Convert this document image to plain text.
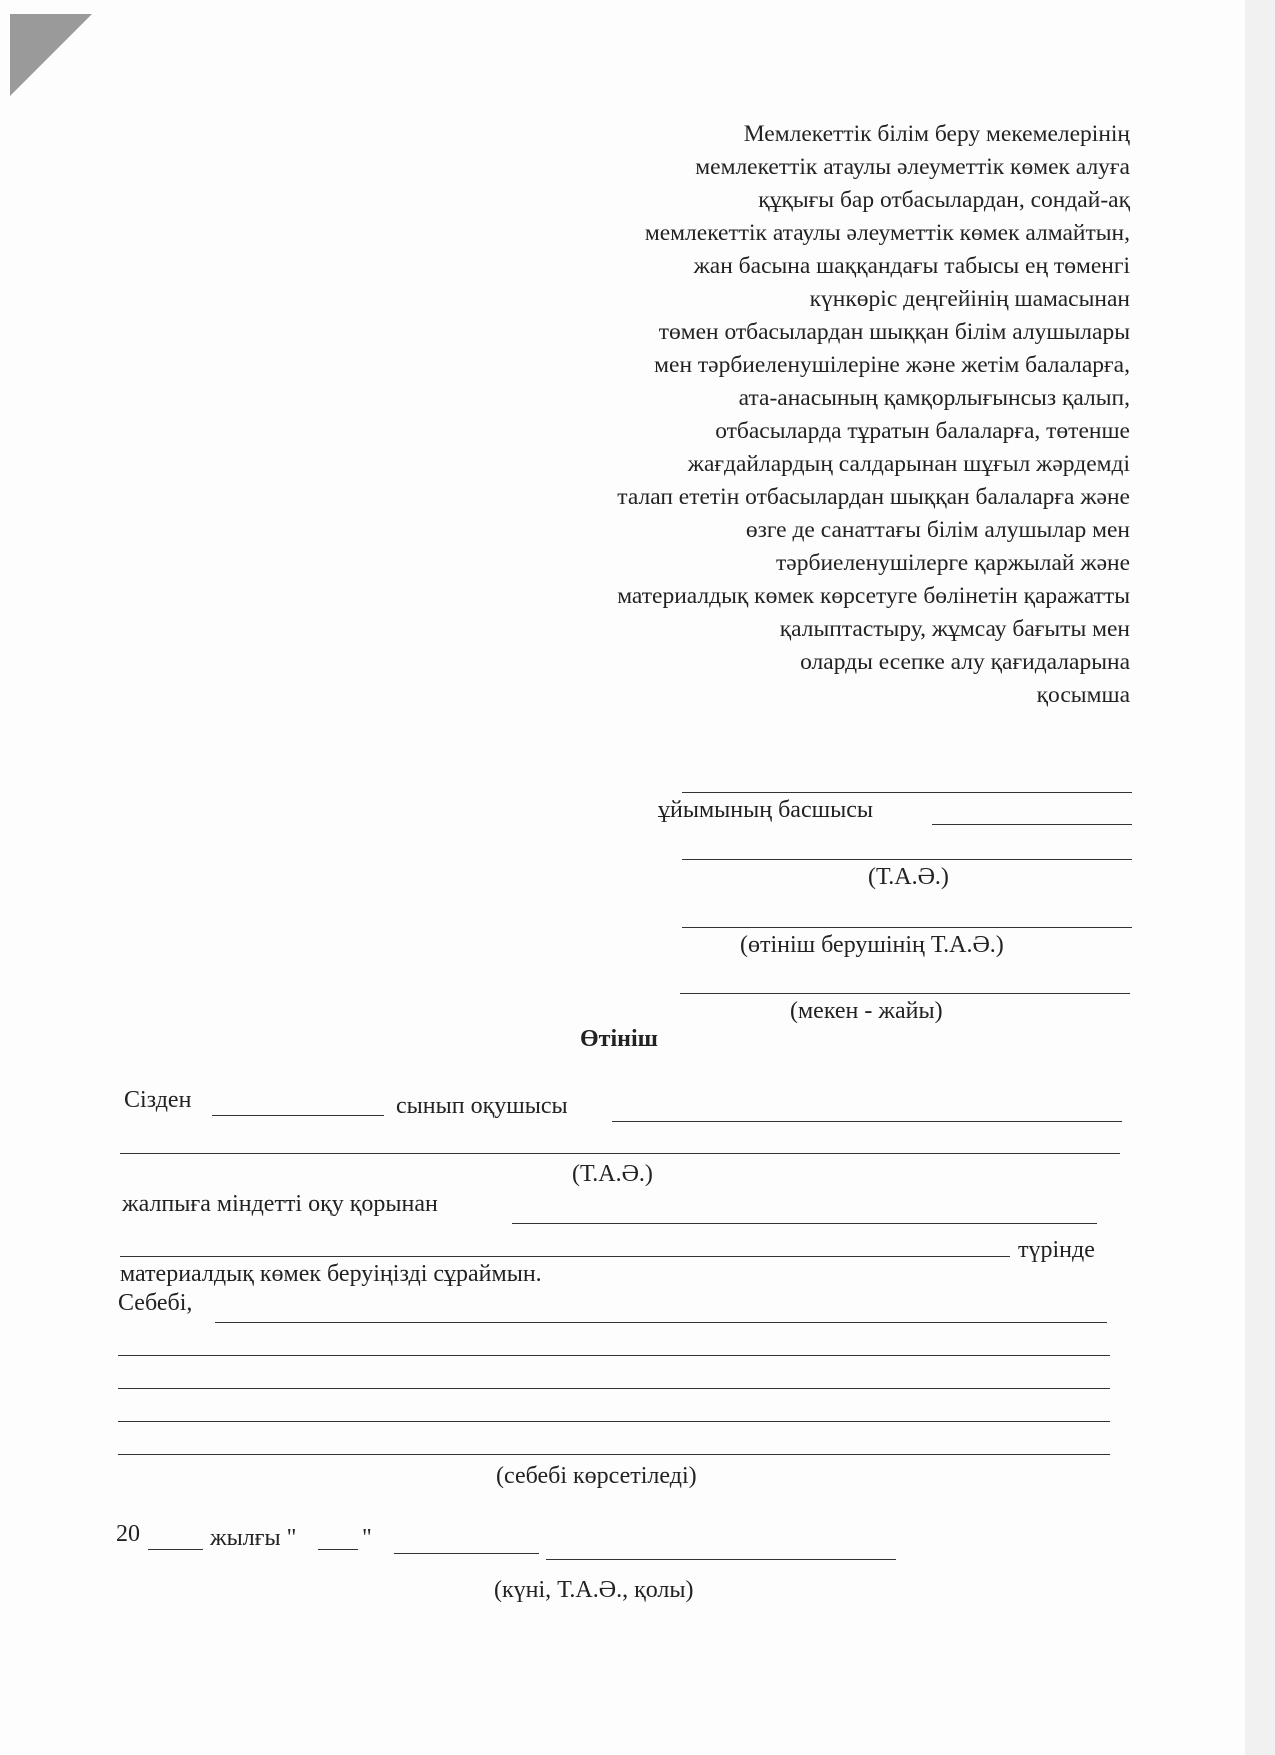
Мемлекеттік білім беру мекемелерінің
мемлекеттік атаулы әлеуметтік көмек алуға
құқығы бар отбасылардан, сондай-ақ
мемлекеттік атаулы әлеуметтік көмек алмайтын,
жан басына шаққандағы табысы ең төменгі
күнкөріс деңгейінің шамасынан
төмен отбасылардан шыққан білім алушылары
мен тәрбиеленушілеріне және жетім балаларға,
ата-анасының қамқорлығынсыз қалып,
отбасыларда тұратын балаларға, төтенше
жағдайлардың салдарынан шұғыл жәрдемді
талап ететін отбасылардан шыққан балаларға және
өзге де санаттағы білім алушылар мен
тәрбиеленушілерге қаржылай және
материалдық көмек көрсетуге бөлінетін қаражатты
қалыптастыру, жұмсау бағыты мен
оларды есепке алу қағидаларына
қосымша
ұйымының басшысы
(Т.А.Ә.)
(өтініш берушінің Т.А.Ә.)
(мекен - жайы)
Өтініш
Сізден	сынып оқушысы
(Т.А.Ә.)
жалпыға міндетті оқу қорынан
түрінде
материалдық көмек беруіңізді сұраймын.
Себебі,
(себебі көрсетіледі)
20	жылғы "	"
(күні, Т.А.Ә., қолы)
